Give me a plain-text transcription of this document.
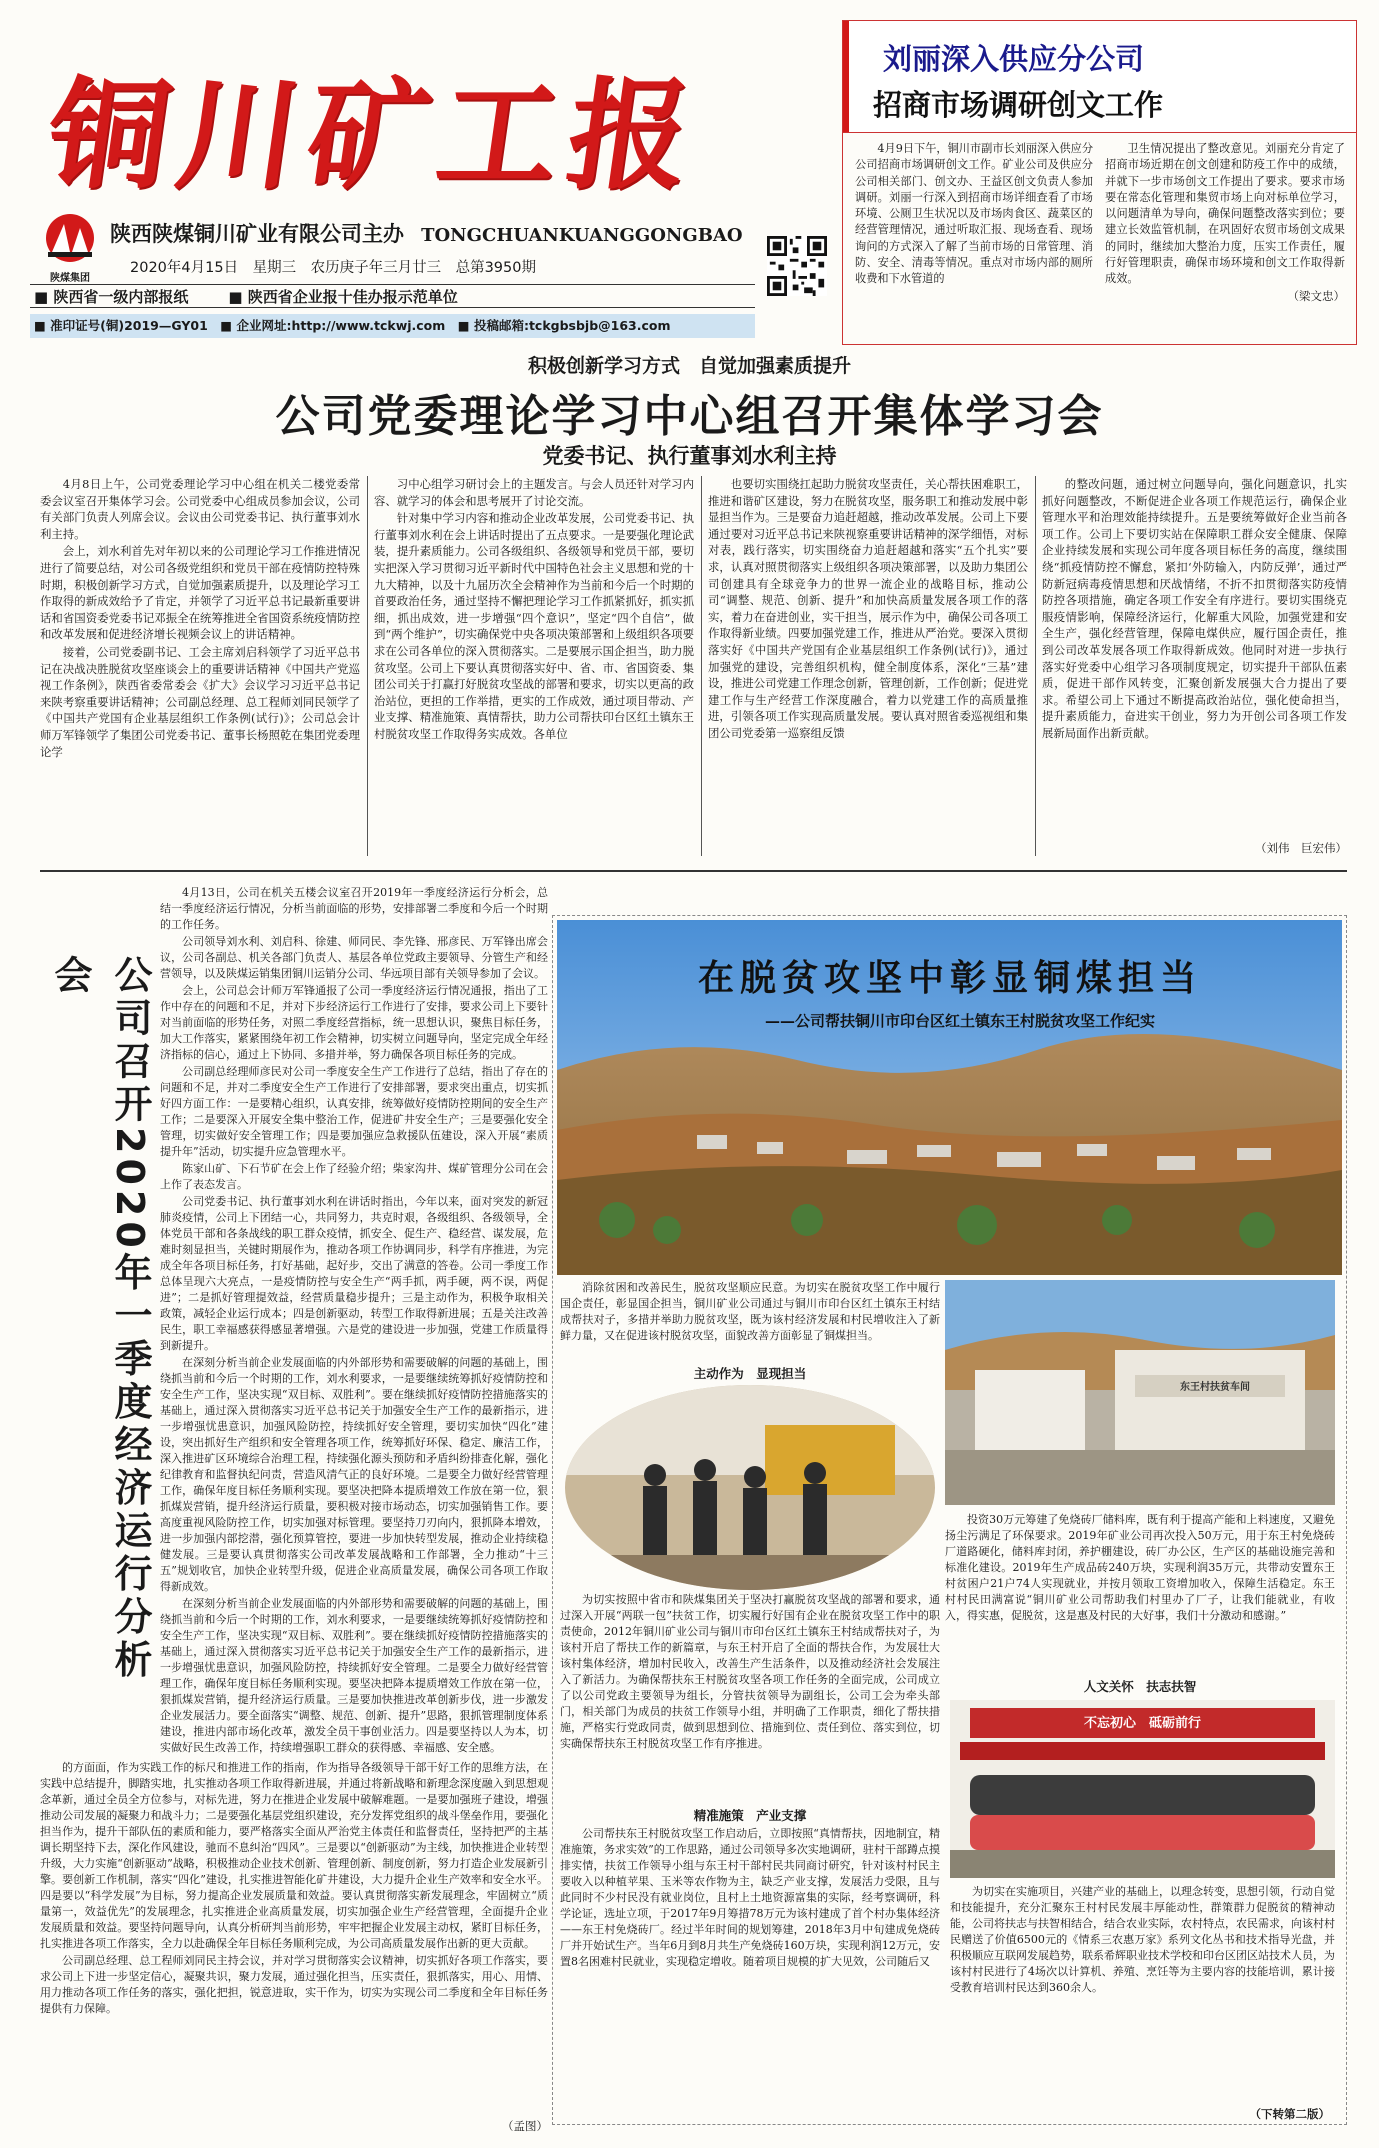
铜川矿工报
陕煤集团
陕西陕煤铜川矿业有限公司主办 TONGCHUANKUANGGONGBAO
2020年4月15日　星期三　农历庚子年三月廿三　总第3950期
■ 陕西省一级内部报纸	■ 陕西省企业报十佳办报示范单位
■ 准印证号(铜)2019—GY01　■ 企业网址:http://www.tckwj.com　■ 投稿邮箱:tckgbsbjb@163.com
刘丽深入供应分公司
招商市场调研创文工作

4月9日下午，铜川市副市长刘丽深入供应分公司招商市场调研创文工作。矿业公司及供应分公司相关部门、创文办、王益区创文负责人参加调研。刘丽一行深入到招商市场详细查看了市场环境、公厕卫生状况以及市场肉食区、蔬菜区的经营管理情况，通过听取汇报、现场查看、现场询问的方式深入了解了当前市场的日常管理、消防、安全、清毒等情况。重点对市场内部的厕所收费和下水管道的

卫生情况提出了整改意见。刘丽充分肯定了招商市场近期在创文创建和防疫工作中的成绩，并就下一步市场创文工作提出了要求。要求市场要在常态化管理和集贸市场上向对标单位学习，以问题清单为导向，确保问题整改落实到位；要建立长效监管机制，在巩固好农贸市场创文成果的同时，继续加大整治力度，压实工作责任，履行好管理职责，确保市场环境和创文工作取得新成效。

（梁文忠）
积极创新学习方式　自觉加强素质提升
公司党委理论学习中心组召开集体学习会
党委书记、执行董事刘水利主持

4月8日上午，公司党委理论学习中心组在机关二楼党委常委会议室召开集体学习会。公司党委中心组成员参加会议，公司有关部门负责人列席会议。会议由公司党委书记、执行董事刘水利主持。

会上，刘水利首先对年初以来的公司理论学习工作推进情况进行了简要总结，对公司各级党组织和党员干部在疫情防控特殊时期，积极创新学习方式，自觉加强素质提升，以及理论学习工作取得的新成效给予了肯定，并领学了习近平总书记最新重要讲话和省国资委党委书记邓振全在统筹推进全省国资系统疫情防控和改革发展和促进经济增长视频会议上的讲话精神。

接着，公司党委副书记、工会主席刘启科领学了习近平总书记在决战决胜脱贫攻坚座谈会上的重要讲话精神《中国共产党巡视工作条例》，陕西省委常委会《扩大》会议学习习近平总书记来陕考察重要讲话精神；公司副总经理、总工程师刘同民领学了《中国共产党国有企业基层组织工作条例(试行)》；公司总会计师万军锋领学了集团公司党委书记、董事长杨照乾在集团党委理论学

习中心组学习研讨会上的主题发言。与会人员还针对学习内容、就学习的体会和思考展开了讨论交流。

针对集中学习内容和推动企业改革发展，公司党委书记、执行董事刘水利在会上讲话时提出了五点要求。一是要强化理论武装，提升素质能力。公司各级组织、各级领导和党员干部，要切实把深入学习贯彻习近平新时代中国特色社会主义思想和党的十九大精神，以及十九届历次全会精神作为当前和今后一个时期的首要政治任务，通过坚持不懈把理论学习工作抓紧抓好，抓实抓细，抓出成效，进一步增强“四个意识”，坚定“四个自信”，做到“两个维护”，切实确保党中央各项决策部署和上级组织各项要求在公司各单位的深入贯彻落实。二是要展示国企担当，助力脱贫攻坚。公司上下要认真贯彻落实好中、省、市、省国资委、集团公司关于打赢打好脱贫攻坚战的部署和要求，切实以更高的政治站位，更担的工作举措，更实的工作成效，通过项目带动、产业支撑、精准施策、真情帮扶，助力公司帮扶印台区红土镇东王村脱贫攻坚工作取得务实成效。各单位

也要切实围绕扛起助力脱贫攻坚责任，关心帮扶困难职工，推进和谐矿区建设，努力在脱贫攻坚，服务职工和推动发展中彰显担当作为。三是要奋力追赶超越，推动改革发展。公司上下要通过要对习近平总书记来陕视察重要讲话精神的深学细悟，对标对表，践行落实，切实围绕奋力追赶超越和落实“五个扎实”要求，认真对照贯彻落实上级组织各项决策部署，以及助力集团公司创建具有全球竞争力的世界一流企业的战略目标，推动公司“调整、规范、创新、提升”和加快高质量发展各项工作的落实，着力在奋进创业，实干担当，展示作为中，确保公司各项工作取得新业绩。四要加强党建工作，推进从严治党。要深入贯彻落实好《中国共产党国有企业基层组织工作条例(试行)》，通过加强党的建设，完善组织机构，健全制度体系，深化“三基”建设，推进公司党建工作理念创新，管理创新，工作创新；促进党建工作与生产经营工作深度融合，着力以党建工作的高质量推进，引领各项工作实现高质量发展。要认真对照省委巡视组和集团公司党委第一巡察组反馈

的整改问题，通过树立问题导向，强化问题意识，扎实抓好问题整改，不断促进企业各项工作规范运行，确保企业管理水平和治理效能持续提升。五是要统筹做好企业当前各项工作。公司上下要切实站在保障职工群众安全健康、保障企业持续发展和实现公司年度各项目标任务的高度，继续围绕“抓疫情防控不懈怠，紧扣‘外防输入，内防反弹’，通过严防新冠病毒疫情思想和厌战情绪，不折不扣贯彻落实防疫情防控各项措施，确定各项工作安全有序进行。要切实围绕克服疫情影响，保障经济运行，化解重大风险，加强党建和安全生产，强化经营管理，保障电煤供应，履行国企责任，推到公司改革发展各项工作取得新成效。他同时对进一步执行落实好党委中心组学习各项制度规定，切实提升干部队伍素质，促进干部作风转变，汇聚创新发展强大合力提出了要求。希望公司上下通过不断提高政治站位，强化使命担当，提升素质能力，奋进实干创业，努力为开创公司各项工作发展新局面作出新贡献。

（刘伟　巨宏伟）
公司召开2020年一季度经济运行分析会

4月13日，公司在机关五楼会议室召开2019年一季度经济运行分析会，总结一季度经济运行情况，分析当前面临的形势，安排部署二季度和今后一个时期的工作任务。

公司领导刘水利、刘启科、徐建、师同民、李先锋、邢彦民、万军锋出席会议，公司各副总、机关各部门负责人、基层各单位党政主要领导、分管生产和经营领导，以及陕煤运销集团铜川运销分公司、华远项目部有关领导参加了会议。

会上，公司总会计师万军锋通报了公司一季度经济运行情况通报，指出了工作中存在的问题和不足，并对下步经济运行工作进行了安排，要求公司上下要针对当前面临的形势任务，对照二季度经营指标，统一思想认识，聚焦目标任务，加大工作落实，紧紧围绕年初工作会精神，切实树立问题导向，坚定完成全年经济指标的信心，通过上下协同、多措并举，努力确保各项目标任务的完成。

公司副总经理师彦民对公司一季度安全生产工作进行了总结，指出了存在的问题和不足，并对二季度安全生产工作进行了安排部署，要求突出重点，切实抓好四方面工作：一是要精心组织，认真安排，统筹做好疫情防控期间的安全生产工作；二是要深入开展安全集中整治工作，促进矿井安全生产；三是要强化安全管理，切实做好安全管理工作；四是要加强应急救援队伍建设，深入开展“素质提升年”活动，切实提升应急管理水平。

陈家山矿、下石节矿在会上作了经验介绍；柴家沟井、煤矿管理分公司在会上作了表态发言。

公司党委书记、执行董事刘水利在讲话时指出，今年以来，面对突发的新冠肺炎疫情，公司上下团结一心，共同努力，共克时艰，各级组织、各级领导，全体党员干部和各条战线的职工群众疫情，抓安全、促生产、稳经营、谋发展，危难时刻显担当，关键时期展作为，推动各项工作协调同步，科学有序推进，为完成全年各项目标任务，打好基础，起好步，交出了满意的答卷。公司一季度工作总体呈现六大亮点，一是疫情防控与安全生产“两手抓，两手硬，两不误，两促进”；二是抓好管理提效益，经营质量稳步提升；三是主动作为，积极争取相关政策，减轻企业运行成本；四是创新驱动，转型工作取得新进展；五是关注改善民生，职工幸福感获得感显著增强。六是党的建设进一步加强，党建工作质量得到新提升。

在深刻分析当前企业发展面临的内外部形势和需要破解的问题的基础上，围绕抓当前和今后一个时期的工作，刘水利要求，一是要继续统筹抓好疫情防控和安全生产工作，坚决实现“双目标、双胜利”。要在继续抓好疫情防控措施落实的基础上，通过深入贯彻落实习近平总书记关于加强安全生产工作的最新指示，进一步增强忧患意识，加强风险防控，持续抓好安全管理，要切实加快“四化”建设，突出抓好生产组织和安全管理各项工作，统筹抓好环保、稳定、廉洁工作，深入推进矿区环境综合治理工程，持续强化源头预防和矛盾纠纷排查化解，强化纪律教育和监督执纪问责，营造风清气正的良好环境。二是要全力做好经营管理工作，确保年度目标任务顺利实现。要坚决把降本提质增效工作放在第一位，狠抓煤炭营销，提升经济运行质量，要积极对接市场动态，切实加强销售工作。要高度重视风险防控工作，切实加强对标管理。要坚持刀刃向内，狠抓降本增效，进一步加强内部挖潜，强化预算管控，要进一步加快转型发展，推动企业持续稳健发展。三是要认真贯彻落实公司改革发展战略和工作部署，全力推动“十三五”规划收官，加快企业转型升级，促进企业高质量发展，确保公司各项工作取得新成效。

在深刻分析当前企业发展面临的内外部形势和需要破解的问题的基础上，围绕抓当前和今后一个时期的工作，刘水利要求，一是要继续统筹抓好疫情防控和安全生产工作，坚决实现“双目标、双胜利”。要在继续抓好疫情防控措施落实的基础上，通过深入贯彻落实习近平总书记关于加强安全生产工作的最新指示，进一步增强忧患意识，加强风险防控，持续抓好安全管理。二是要全力做好经营管理工作，确保年度目标任务顺利实现。要坚决把降本提质增效工作放在第一位，狠抓煤炭营销，提升经济运行质量。三是要加快推进改革创新步伐，进一步激发企业发展活力。要全面落实“调整、规范、创新、提升”思路，狠抓管理制度体系建设，推进内部市场化改革，激发全员干事创业活力。四是要坚持以人为本，切实做好民生改善工作，持续增强职工群众的获得感、幸福感、安全感。

的方面面，作为实践工作的标尺和推进工作的指南，作为指导各级领导干部干好工作的思维方法，在实践中总结提升，脚踏实地，扎实推动各项工作取得新进展，并通过将新战略和新理念深度融入到思想观念革新，通过全员全方位参与，对标先进，努力在推进企业发展中破解难题。一是要加强班子建设，增强推动公司发展的凝聚力和战斗力；二是要强化基层党组织建设，充分发挥党组织的战斗堡垒作用，要强化担当作为，提升干部队伍的素质和能力，要严格落实全面从严治党主体责任和监督责任，坚持把严的主基调长期坚持下去，深化作风建设，驰而不息纠治“四风”。三是要以“创新驱动”为主线，加快推进企业转型升级，大力实施“创新驱动”战略，积极推动企业技术创新、管理创新、制度创新，努力打造企业发展新引擎。要创新工作机制，落实“四化”建设，扎实推进智能化矿井建设，大力提升企业生产效率和安全水平。四是要以“科学发展”为目标，努力提高企业发展质量和效益。要认真贯彻落实新发展理念，牢固树立“质量第一，效益优先”的发展理念，扎实推进企业高质量发展，切实加强企业生产经营管理，全面提升企业发展质量和效益。要坚持问题导向，认真分析研判当前形势，牢牢把握企业发展主动权，紧盯目标任务，扎实推进各项工作落实，全力以赴确保全年目标任务顺利完成，为公司高质量发展作出新的更大贡献。

公司副总经理、总工程师刘同民主持会议，并对学习贯彻落实会议精神，切实抓好各项工作落实，要求公司上下进一步坚定信心，凝聚共识，聚力发展，通过强化担当，压实责任，狠抓落实，用心、用情、用力推动各项工作任务的落实，强化把担，锐意进取，实干作为，切实为实现公司二季度和全年目标任务提供有力保障。

（孟图）
在脱贫攻坚中彰显铜煤担当
——公司帮扶铜川市印台区红土镇东王村脱贫攻坚工作纪实

消除贫困和改善民生，脱贫攻坚顺应民意。为切实在脱贫攻坚工作中履行国企责任，彰显国企担当，铜川矿业公司通过与铜川市印台区红土镇东王村结成帮扶对子，多措并举助力脱贫攻坚，既为该村经济发展和村民增收注入了新鲜力量，又在促进该村脱贫攻坚，面貌改善方面彰显了铜煤担当。

主动作为　显现担当
东王村扶贫车间

投资30万元筹建了免烧砖厂储料库，既有利于提高产能和上料速度，又避免扬尘污满足了环保要求。2019年矿业公司再次投入50万元，用于东王村免烧砖厂道路硬化，储料库封闭，养护棚建设，砖厂办公区，生产区的基础设施完善和标准化建设。2019年生产成品砖240万块，实现利润35万元，共带动安置东王村贫困户21户74人实现就业，并按月领取工资增加收入，保障生活稳定。东王村村民田满富说“铜川矿业公司帮助我们村里办了厂子，让我们能就业，有收入，得实惠，促脱贫，这是惠及村民的大好事，我们十分激动和感谢。”

人文关怀　扶志扶智

为切实按照中省市和陕煤集团关于坚决打赢脱贫攻坚战的部署和要求，通过深入开展“两联一包”扶贫工作，切实履行好国有企业在脱贫攻坚工作中的职责使命，2012年铜川矿业公司与铜川市印台区红土镇东王村结成帮扶对子，为该村开启了帮扶工作的新篇章，与东王村开启了全面的帮扶合作，为发展壮大该村集体经济，增加村民收入，改善生产生活条件，以及推动经济社会发展注入了新活力。为确保帮扶东王村脱贫攻坚各项工作任务的全面完成，公司成立了以公司党政主要领导为组长，分管扶贫领导为副组长，公司工会为牵头部门，相关部门为成员的扶贫工作领导小组，并明确了工作职责，细化了帮扶措施，严格实行党政同责，做到思想到位、措施到位、责任到位、落实到位，切实确保帮扶东王村脱贫攻坚工作有序推进。

精准施策　产业支撑
不忘初心　砥砺前行

公司帮扶东王村脱贫攻坚工作启动后，立即按照“真情帮扶，因地制宜，精准施策，务求实效”的工作思路，通过公司领导多次实地调研，驻村干部蹲点摸排实情，扶贫工作领导小组与东王村干部村民共同商讨研究，针对该村村民主要收入以种植苹果、玉米等农作物为主，缺乏产业支撑，发展活力受限，且与此同时不少村民没有就业岗位，且村上土地资源富集的实际，经考察调研，科学论证，选址立项，于2017年9月筹措78万元为该村建成了首个村办集体经济——东王村免烧砖厂。经过半年时间的规划筹建，2018年3月中旬建成免烧砖厂并开始试生产。当年6月到8月共生产免烧砖160万块，实现利润12万元，安置8名困难村民就业，实现稳定增收。随着项目规模的扩大见效，公司随后又

为切实在实施项目，兴建产业的基础上，以理念转变，思想引领，行动自觉和技能提升，充分汇聚东王村村民发展丰厚能动性，群策群力促脱贫的精神动能，公司将扶志与扶智相结合，结合农业实际，农村特点，农民需求，向该村村民赠送了价值6500元的《情系三农惠万家》系列文化丛书和技术指导光盘，并积极顺应互联网发展趋势，联系希辉职业技术学校和印台区团区站技术人员，为该村村民进行了4场次以计算机、养殖、烹饪等为主要内容的技能培训，累计接受教育培训村民达到360余人。

（下转第二版）
